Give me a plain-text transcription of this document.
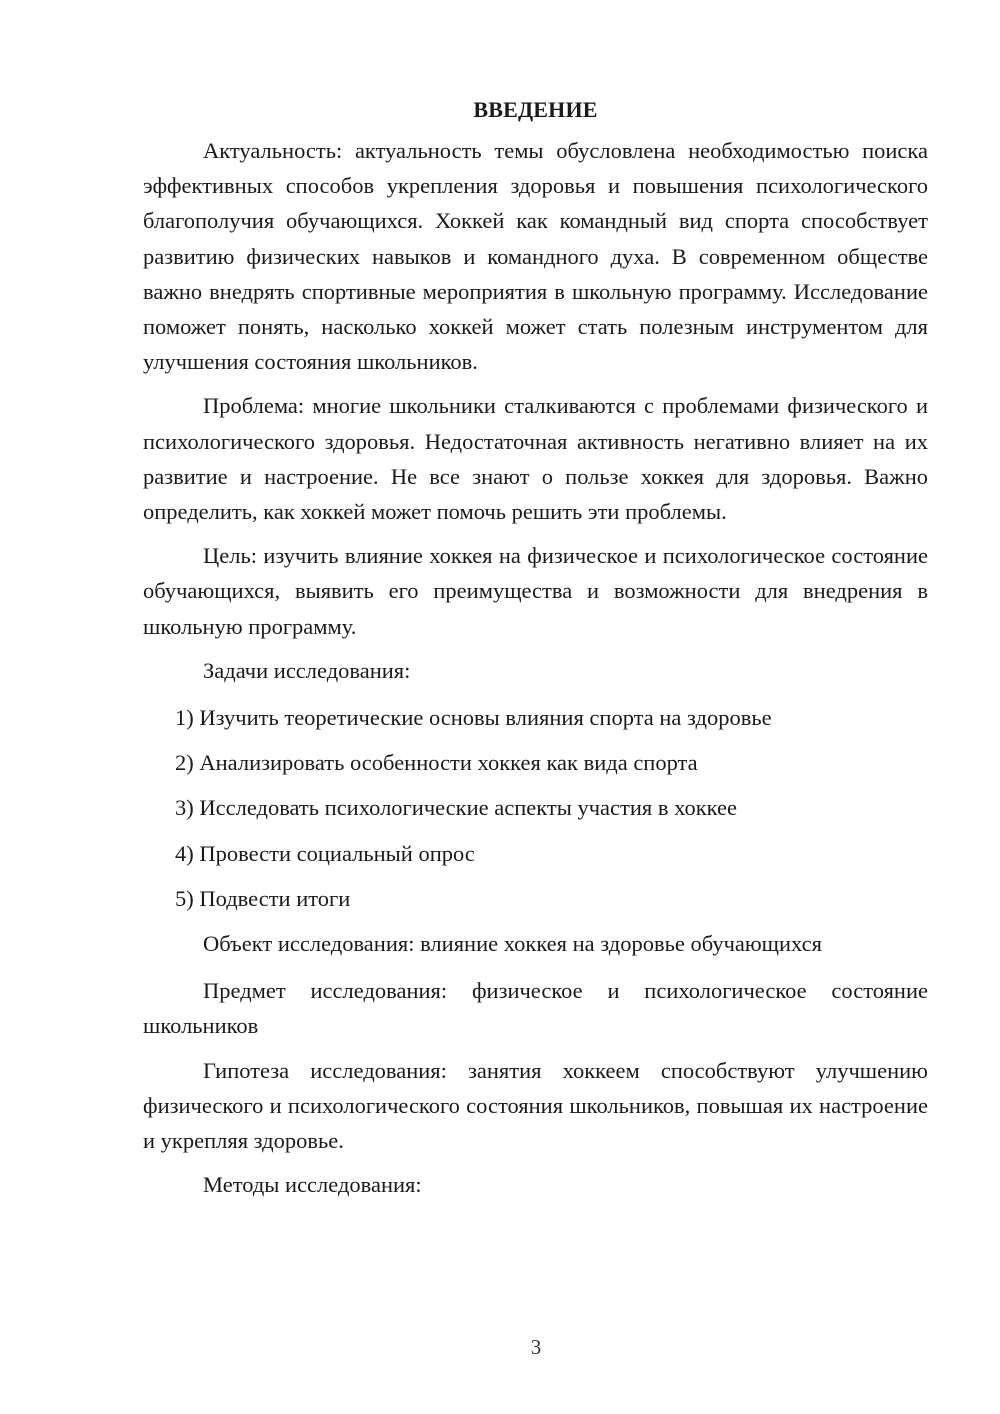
ВВЕДЕНИЕ

Актуальность: актуальность темы обусловлена необходимостью поиска эффективных способов укрепления здоровья и повышения психологического благополучия обучающихся. Хоккей как командный вид спорта способствует развитию физических навыков и командного духа. В современном обществе важно внедрять спортивные мероприятия в школьную программу. Исследование поможет понять, насколько хоккей может стать полезным инструментом для улучшения состояния школьников.

Проблема: многие школьники сталкиваются с проблемами физического и психологического здоровья. Недостаточная активность негативно влияет на их развитие и настроение. Не все знают о пользе хоккея для здоровья. Важно определить, как хоккей может помочь решить эти проблемы.

Цель: изучить влияние хоккея на физическое и психологическое состояние обучающихся, выявить его преимущества и возможности для внедрения в школьную программу.

Задачи исследования:

1) Изучить теоретические основы влияния спорта на здоровье
2) Анализировать особенности хоккея как вида спорта
3) Исследовать психологические аспекты участия в хоккее
4) Провести социальный опрос
5) Подвести итоги

Объект исследования: влияние хоккея на здоровье обучающихся

Предмет исследования: физическое и психологическое состояние школьников

Гипотеза исследования: занятия хоккеем способствуют улучшению физического и психологического состояния школьников, повышая их настроение и укрепляя здоровье.

Методы исследования:

3
